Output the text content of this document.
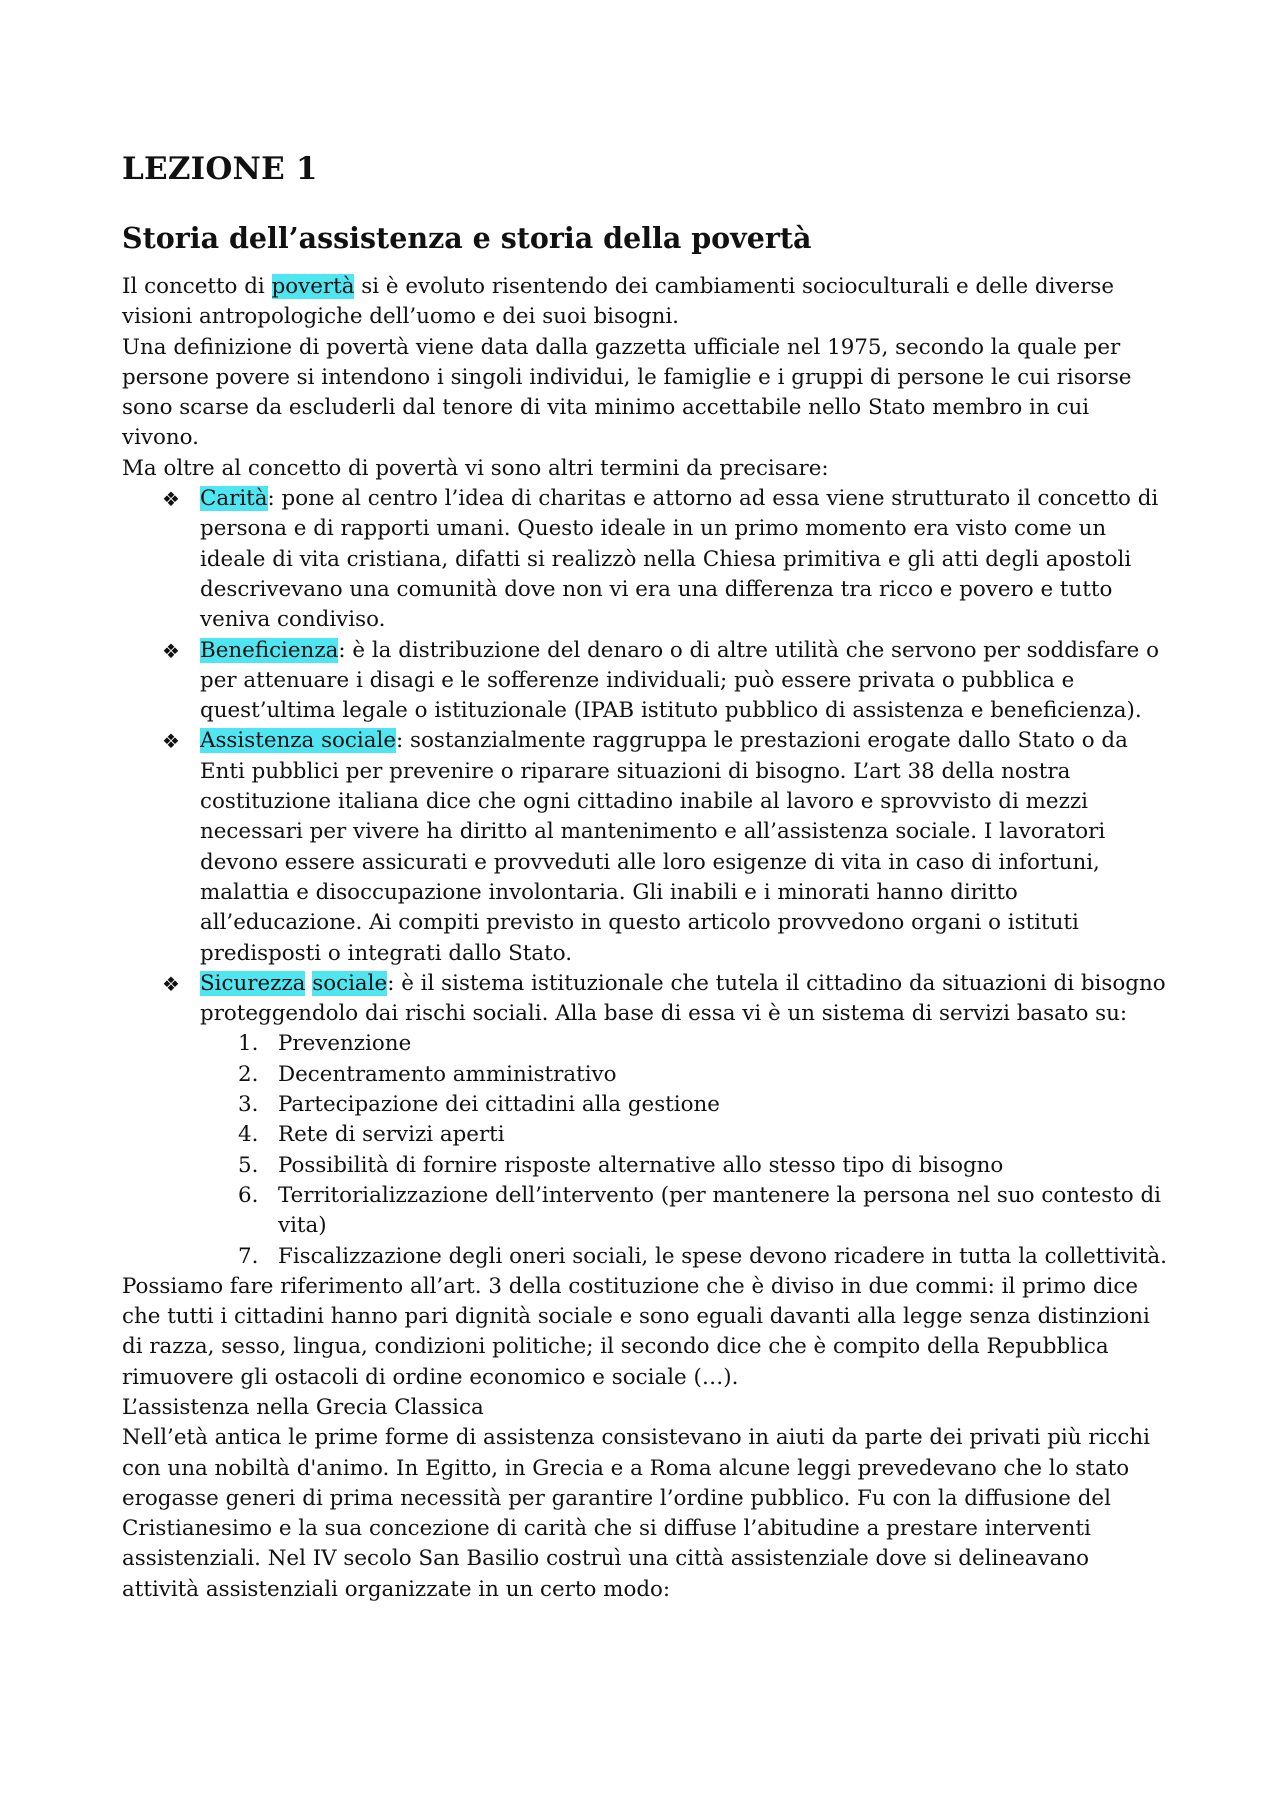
LEZIONE 1
Storia dell’assistenza e storia della povertà

Il concetto di povertà si è evoluto risentendo dei cambiamenti socioculturali e delle diverse visioni antropologiche dell’uomo e dei suoi bisogni.

Una definizione di povertà viene data dalla gazzetta ufficiale nel 1975, secondo la quale per persone povere si intendono i singoli individui, le famiglie e i gruppi di persone le cui risorse sono scarse da escluderli dal tenore di vita minimo accettabile nello Stato membro in cui vivono.

Ma oltre al concetto di povertà vi sono altri termini da precisare:

❖ Carità: pone al centro l’idea di charitas e attorno ad essa viene strutturato il concetto di persona e di rapporti umani. Questo ideale in un primo momento era visto come un ideale di vita cristiana, difatti si realizzò nella Chiesa primitiva e gli atti degli apostoli descrivevano una comunità dove non vi era una differenza tra ricco e povero e tutto veniva condiviso.
❖ Beneficienza: è la distribuzione del denaro o di altre utilità che servono per soddisfare o per attenuare i disagi e le sofferenze individuali; può essere privata o pubblica e quest’ultima legale o istituzionale (IPAB istituto pubblico di assistenza e beneficienza).
❖ Assistenza sociale: sostanzialmente raggruppa le prestazioni erogate dallo Stato o da Enti pubblici per prevenire o riparare situazioni di bisogno. L’art 38 della nostra costituzione italiana dice che ogni cittadino inabile al lavoro e sprovvisto di mezzi necessari per vivere ha diritto al mantenimento e all’assistenza sociale. I lavoratori devono essere assicurati e provveduti alle loro esigenze di vita in caso di infortuni, malattia e disoccupazione involontaria. Gli inabili e i minorati hanno diritto all’educazione. Ai compiti previsto in questo articolo provvedono organi o istituti predisposti o integrati dallo Stato.
❖ Sicurezza sociale: è il sistema istituzionale che tutela il cittadino da situazioni di bisogno proteggendolo dai rischi sociali. Alla base di essa vi è un sistema di servizi basato su:
1. Prevenzione
2. Decentramento amministrativo
3. Partecipazione dei cittadini alla gestione
4. Rete di servizi aperti
5. Possibilità di fornire risposte alternative allo stesso tipo di bisogno
6. Territorializzazione dell’intervento (per mantenere la persona nel suo contesto di vita)
7. Fiscalizzazione degli oneri sociali, le spese devono ricadere in tutta la collettività.

Possiamo fare riferimento all’art. 3 della costituzione che è diviso in due commi: il primo dice che tutti i cittadini hanno pari dignità sociale e sono eguali davanti alla legge senza distinzioni di razza, sesso, lingua, condizioni politiche; il secondo dice che è compito della Repubblica rimuovere gli ostacoli di ordine economico e sociale (…).

L’assistenza nella Grecia Classica

Nell’età antica le prime forme di assistenza consistevano in aiuti da parte dei privati più ricchi con una nobiltà d'animo. In Egitto, in Grecia e a Roma alcune leggi prevedevano che lo stato erogasse generi di prima necessità per garantire l’ordine pubblico. Fu con la diffusione del Cristianesimo e la sua concezione di carità che si diffuse l’abitudine a prestare interventi assistenziali. Nel IV secolo San Basilio costruì una città assistenziale dove si delineavano attività assistenziali organizzate in un certo modo:
